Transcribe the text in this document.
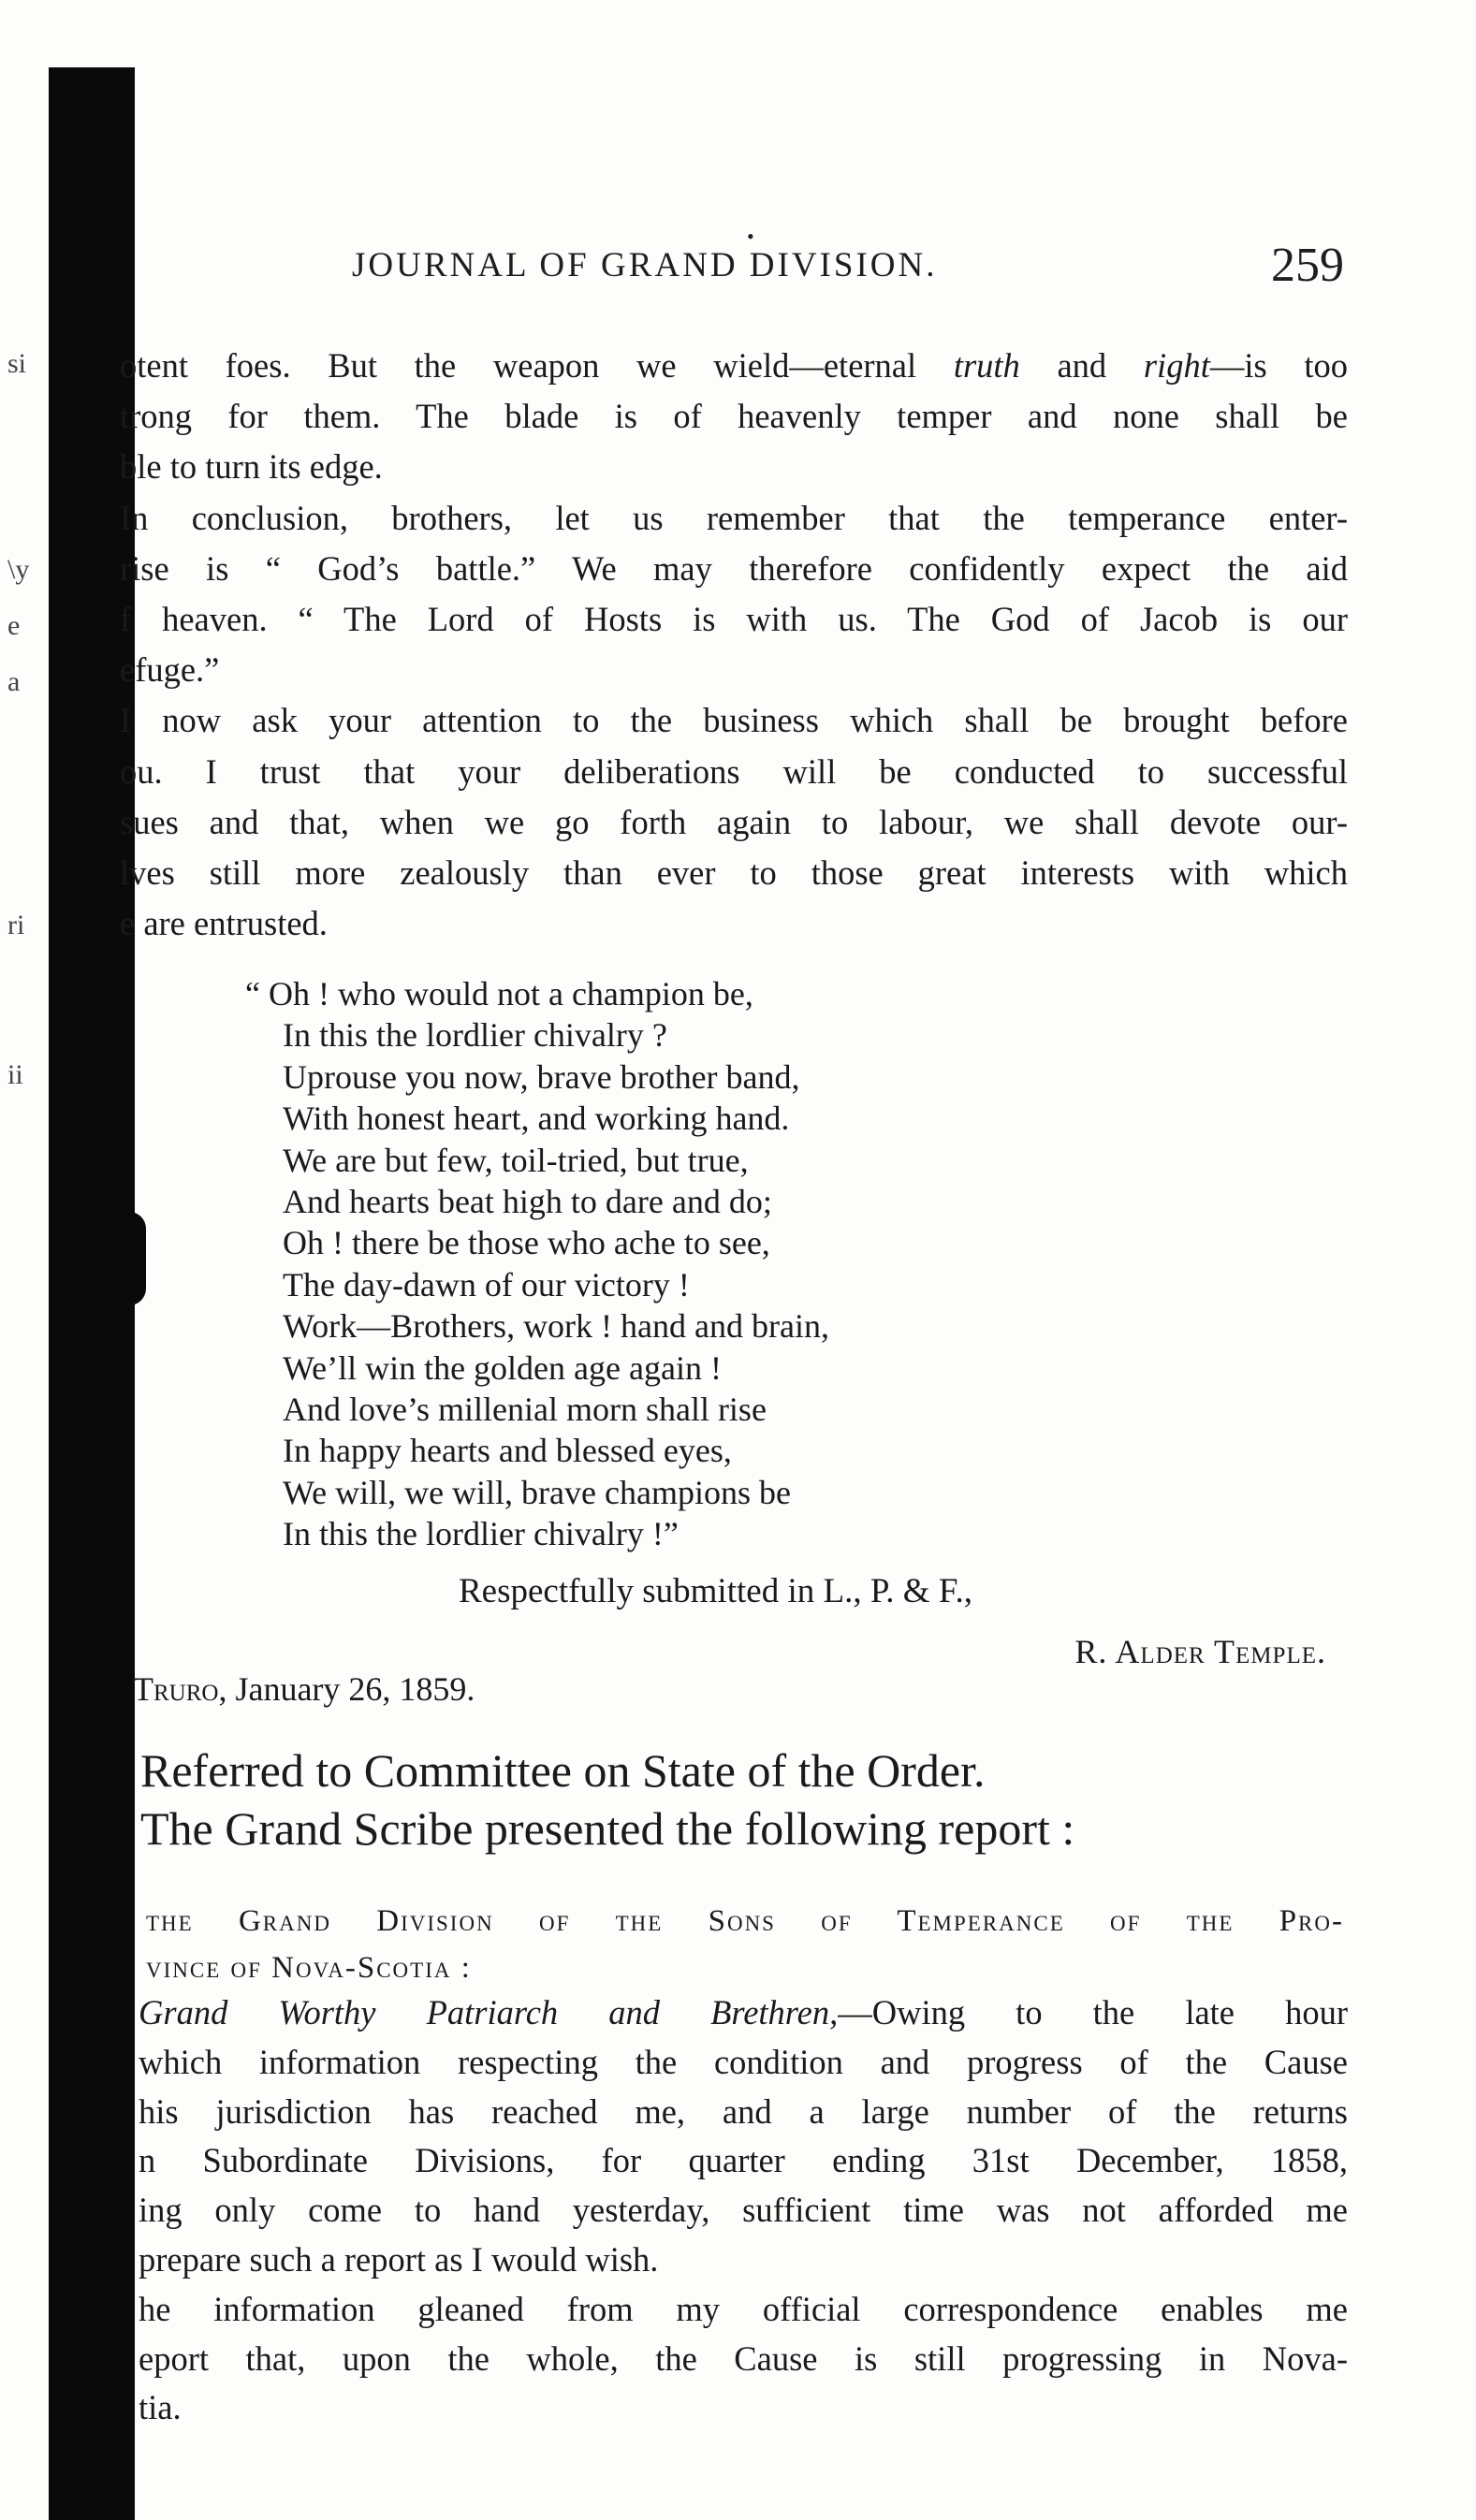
si
\y
e
a
ri
ii
•
JOURNAL OF GRAND DIVISION.	259

otent foes. But the weapon we wield—eternal truth and right—is too
trong for them. The blade is of heavenly temper and none shall be
ble to turn its edge.

In conclusion, brothers, let us remember that the temperance enter-
rise is “ God’s battle.” We may therefore confidently expect the aid
f heaven. “ The Lord of Hosts is with us. The God of Jacob is our
efuge.”

I now ask your attention to the business which shall be brought before
ou. I trust that your deliberations will be conducted to successful
sues and that, when we go forth again to labour, we shall devote our-
lves still more zealously than ever to those great interests with which
e are entrusted.

“ Oh ! who would not a champion be,
In this the lordlier chivalry ?
Uprouse you now, brave brother band,
With honest heart, and working hand.
We are but few, toil-tried, but true,
And hearts beat high to dare and do;
Oh ! there be those who ache to see,
The day-dawn of our victory !
Work—Brothers, work ! hand and brain,
We’ll win the golden age again !
And love’s millenial morn shall rise
In happy hearts and blessed eyes,
We will, we will, brave champions be
In this the lordlier chivalry !”
Respectfully submitted in L., P. & F.,
R. Alder Temple.
Truro, January 26, 1859.
Referred to Committee on State of the Order.
The Grand Scribe presented the following report :
the Grand Division of the Sons of Temperance of the Pro-
vince of Nova-Scotia :

Grand Worthy Patriarch and Brethren,—Owing to the late hour
which information respecting the condition and progress of the Cause
his jurisdiction has reached me, and a large number of the returns
n Subordinate Divisions, for quarter ending 31st December, 1858,
ing only come to hand yesterday, sufficient time was not afforded me
prepare such a report as I would wish.

he information gleaned from my official correspondence enables me
eport that, upon the whole, the Cause is still progressing in Nova-
tia.
